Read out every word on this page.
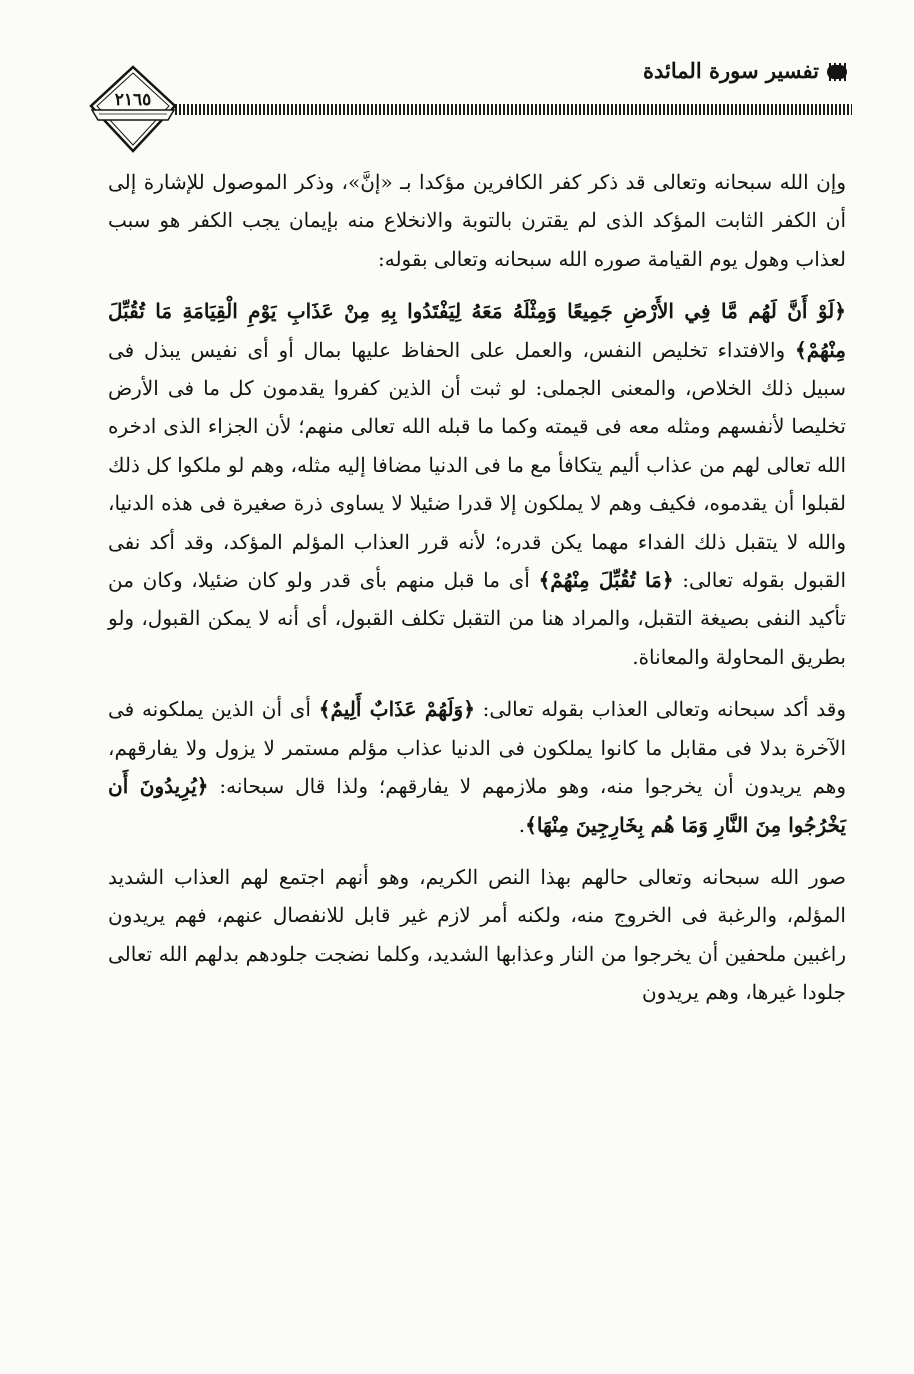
تفسير سورة المائدة
٢١٦٥

وإن الله سبحانه وتعالى قد ذكر كفر الكافرين مؤكدا بـ «إنَّ»، وذكر الموصول للإشارة إلى أن الكفر الثابت المؤكد الذى لم يقترن بالتوبة والانخلاع منه بإيمان يجب الكفر هو سبب لعذاب وهول يوم القيامة صوره الله سبحانه وتعالى بقوله:

﴿لَوْ أَنَّ لَهُم مَّا فِي الأَرْضِ جَمِيعًا وَمِثْلَهُ مَعَهُ لِيَفْتَدُوا بِهِ مِنْ عَذَابِ يَوْمِ الْقِيَامَةِ مَا تُقُبِّلَ مِنْهُمْ﴾ والافتداء تخليص النفس، والعمل على الحفاظ عليها بمال أو أى نفيس يبذل فى سبيل ذلك الخلاص، والمعنى الجملى: لو ثبت أن الذين كفروا يقدمون كل ما فى الأرض تخليصا لأنفسهم ومثله معه فى قيمته وكما ما قبله الله تعالى منهم؛ لأن الجزاء الذى ادخره الله تعالى لهم من عذاب أليم يتكافأ مع ما فى الدنيا مضافا إليه مثله، وهم لو ملكوا كل ذلك لقبلوا أن يقدموه، فكيف وهم لا يملكون إلا قدرا ضئيلا لا يساوى ذرة صغيرة فى هذه الدنيا، والله لا يتقبل ذلك الفداء مهما يكن قدره؛ لأنه قرر العذاب المؤلم المؤكد، وقد أكد نفى القبول بقوله تعالى: ﴿مَا تُقُبِّلَ مِنْهُمْ﴾ أى ما قبل منهم بأى قدر ولو كان ضئيلا، وكان من تأكيد النفى بصيغة التقبل، والمراد هنا من التقبل تكلف القبول، أى أنه لا يمكن القبول، ولو بطريق المحاولة والمعاناة.

وقد أكد سبحانه وتعالى العذاب بقوله تعالى: ﴿وَلَهُمْ عَذَابٌ أَلِيمٌ﴾ أى أن الذين يملكونه فى الآخرة بدلا فى مقابل ما كانوا يملكون فى الدنيا عذاب مؤلم مستمر لا يزول ولا يفارقهم، وهم يريدون أن يخرجوا منه، وهو ملازمهم لا يفارقهم؛ ولذا قال سبحانه: ﴿يُرِيدُونَ أَن يَخْرُجُوا مِنَ النَّارِ وَمَا هُم بِخَارِجِينَ مِنْهَا﴾.

صور الله سبحانه وتعالى حالهم بهذا النص الكريم، وهو أنهم اجتمع لهم العذاب الشديد المؤلم، والرغبة فى الخروج منه، ولكنه أمر لازم غير قابل للانفصال عنهم، فهم يريدون راغبين ملحفين أن يخرجوا من النار وعذابها الشديد، وكلما نضجت جلودهم بدلهم الله تعالى جلودا غيرها، وهم يريدون
